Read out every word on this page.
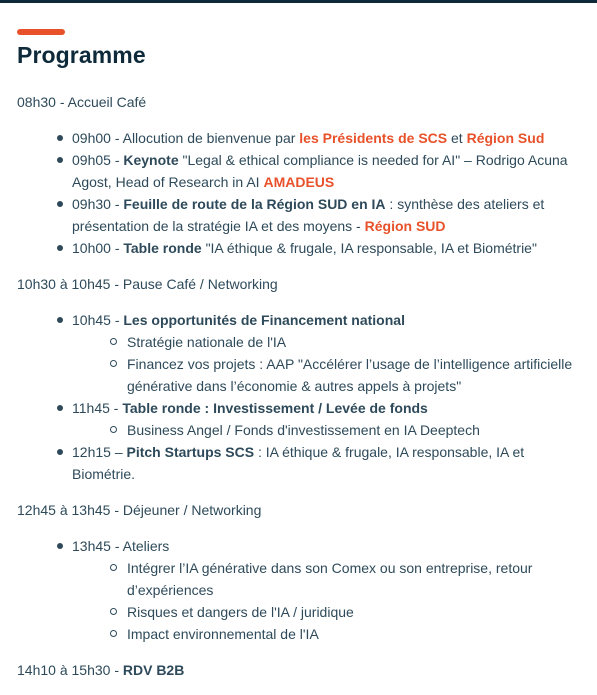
Programme

08h30 - Accueil Café

09h00 - Allocution de bienvenue par les Présidents de SCS et Région Sud
09h05 - Keynote "Legal & ethical compliance is needed for AI" – Rodrigo Acuna Agost, Head of Research in AI AMADEUS
09h30 - Feuille de route de la Région SUD en IA : synthèse des ateliers et présentation de la stratégie IA et des moyens - Région SUD
10h00 - Table ronde "IA éthique & frugale, IA responsable, IA et Biométrie"

10h30 à 10h45 - Pause Café / Networking

10h45 - Les opportunités de Financement national
Stratégie nationale de l'IA
Financez vos projets : AAP "Accélérer l’usage de l’intelligence artificielle générative dans l’économie & autres appels à projets"
11h45 - Table ronde : Investissement / Levée de fonds
Business Angel / Fonds d'investissement en IA Deeptech
12h15 – Pitch Startups SCS : IA éthique & frugale, IA responsable, IA et Biométrie.

12h45 à 13h45 - Déjeuner / Networking

13h45 - Ateliers
Intégrer l’IA générative dans son Comex ou son entreprise, retour d’expériences
Risques et dangers de l'IA / juridique
Impact environnemental de l'IA

14h10 à 15h30 - RDV B2B
